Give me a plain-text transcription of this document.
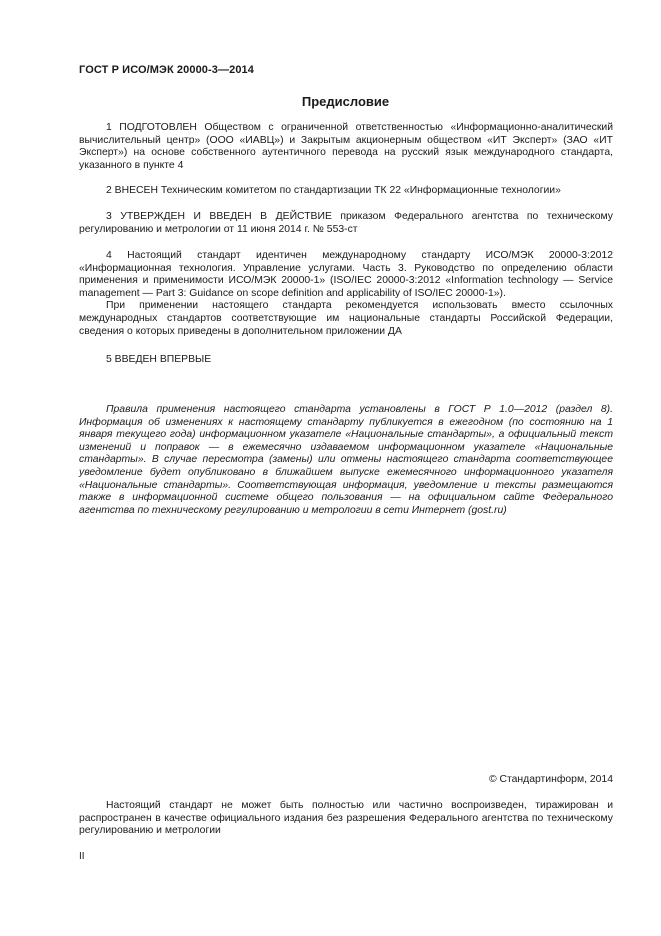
ГОСТ Р ИСО/МЭК 20000-3—2014
Предисловие

1 ПОДГОТОВЛЕН Обществом с ограниченной ответственностью «Информационно-аналитический вычислительный центр» (ООО «ИАВЦ») и Закрытым акционерным обществом «ИТ Эксперт» (ЗАО «ИТ Эксперт») на основе собственного аутентичного перевода на русский язык международного стандарта, указанного в пункте 4

2 ВНЕСЕН Техническим комитетом по стандартизации ТК 22 «Информационные технологии»

3 УТВЕРЖДЕН И ВВЕДЕН В ДЕЙСТВИЕ приказом Федерального агентства по техническому регулированию и метрологии от 11 июня 2014 г. № 553-ст

4 Настоящий стандарт идентичен международному стандарту ИСО/МЭК 20000-3:2012 «Информационная технология. Управление услугами. Часть 3. Руководство по определению области применения и применимости ИСО/МЭК 20000-1» (ISO/IEC 20000-3:2012 «Information technology — Service management — Part 3: Guidance on scope definition and applicability of ISO/IEC 20000-1»).

При применении настоящего стандарта рекомендуется использовать вместо ссылочных международных стандартов соответствующие им национальные стандарты Российской Федерации, сведения о которых приведены в дополнительном приложении ДА

5 ВВЕДЕН ВПЕРВЫЕ

Правила применения настоящего стандарта установлены в ГОСТ Р 1.0—2012 (раздел 8). Информация об изменениях к настоящему стандарту публикуется в ежегодном (по состоянию на 1 января текущего года) информационном указателе «Национальные стандарты», а официальный текст изменений и поправок — в ежемесячно издаваемом информационном указателе «Национальные стандарты». В случае пересмотра (замены) или отмены настоящего стандарта соответствующее уведомление будет опубликовано в ближайшем выпуске ежемесячного информационного указателя «Национальные стандарты». Соответствующая информация, уведомление и тексты размещаются также в информационной системе общего пользования — на официальном сайте Федерального агентства по техническому регулированию и метрологии в сети Интернет (gost.ru)

© Стандартинформ, 2014

Настоящий стандарт не может быть полностью или частично воспроизведен, тиражирован и распространен в качестве официального издания без разрешения Федерального агентства по техническому регулированию и метрологии

II
